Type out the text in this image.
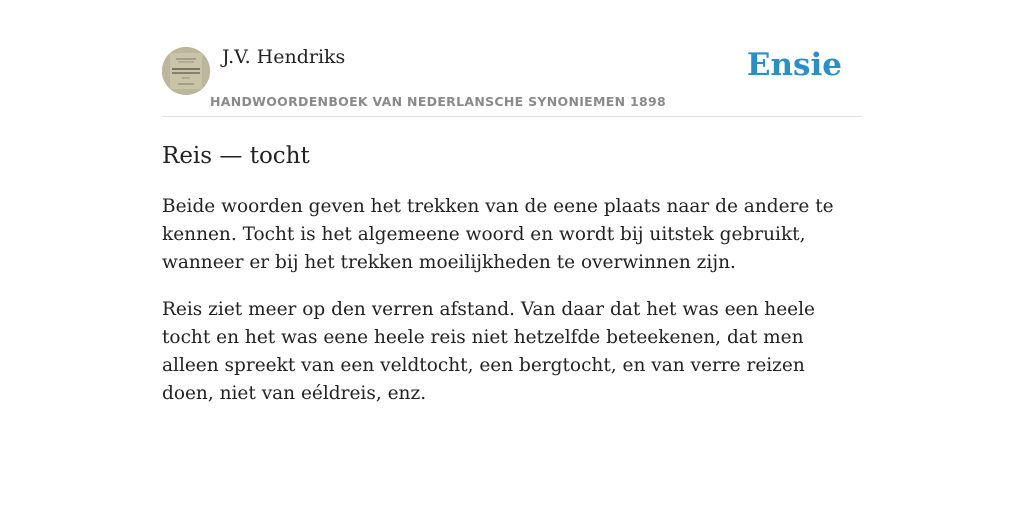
J.V. Hendriks
HANDWOORDENBOEK VAN NEDERLANSCHE SYNONIEMEN 1898
Ensie
Reis — tocht

Beide woorden geven het trekken van de eene plaats naar de andere te kennen. Tocht is het algemeene woord en wordt bij uitstek gebruikt, wanneer er bij het trekken moeilijkheden te overwinnen zijn.

Reis ziet meer op den verren afstand. Van daar dat het was een heele tocht en het was eene heele reis niet hetzelfde beteekenen, dat men alleen spreekt van een veldtocht, een bergtocht, en van verre reizen doen, niet van eéldreis, enz.
